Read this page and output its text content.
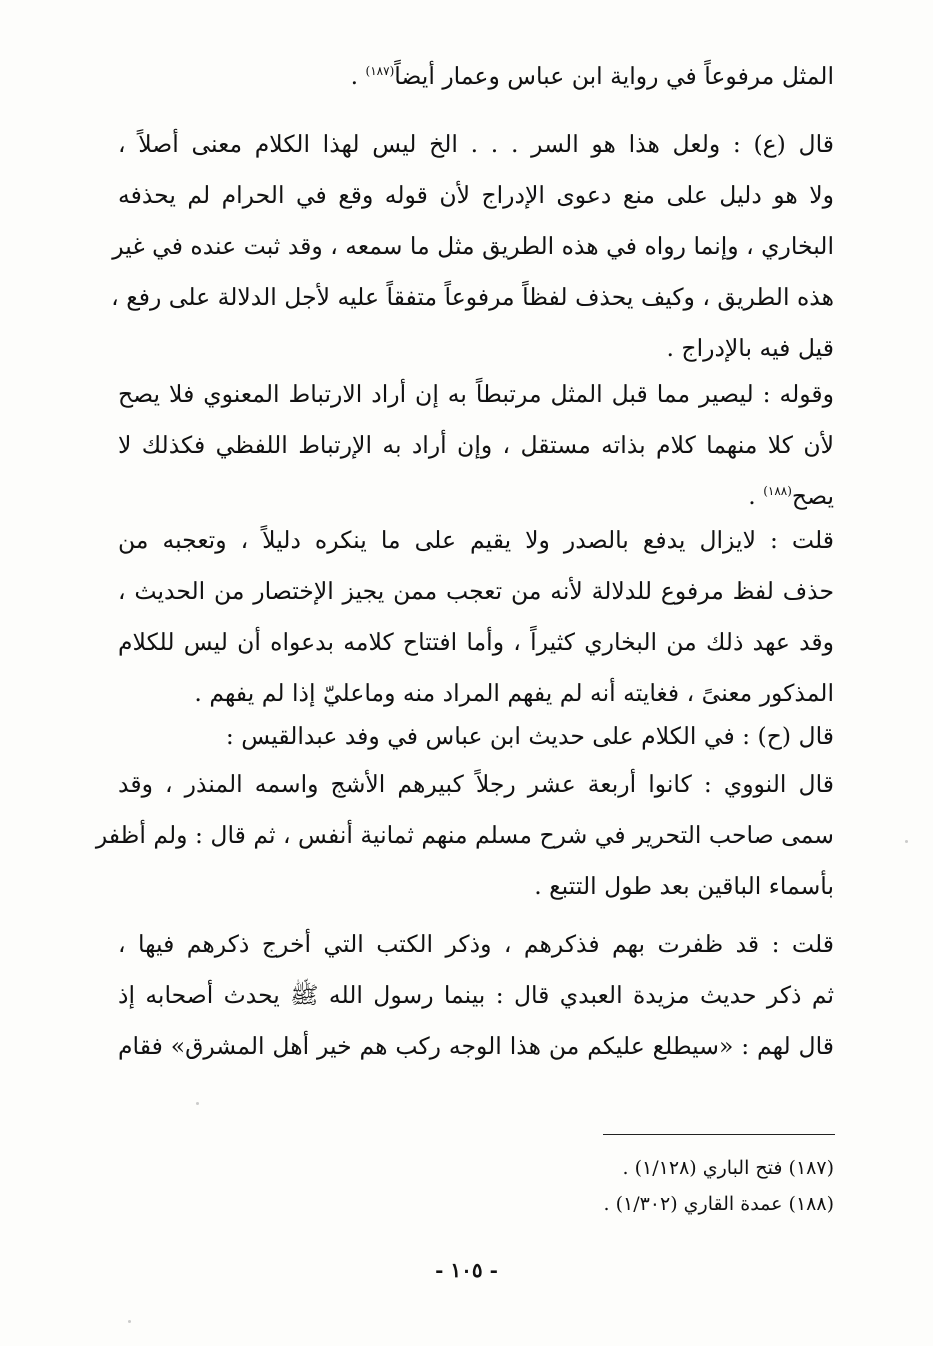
المثل مرفوعاً في رواية ابن عباس وعمار أيضاً$^{(١٨٧)}$ .
قال (ع) : ولعل هذا هو السر . . . الخ ليس لهذا الكلام معنى أصلاً ،
ولا هو دليل على منع دعوى الإدراج لأن قوله وقع في الحرام لم يحذفه
البخاري ، وإنما رواه في هذه الطريق مثل ما سمعه ، وقد ثبت عنده في غير
هذه الطريق ، وكيف يحذف لفظاً مرفوعاً متفقاً عليه لأجل الدلالة على رفع ،
قيل فيه بالإدراج .
وقوله : ليصير مما قبل المثل مرتبطاً به إن أراد الارتباط المعنوي فلا يصح
لأن كلا منهما كلام بذاته مستقل ، وإن أراد به الإرتباط اللفظي فكذلك لا
يصح$^{(١٨٨)}$ .
قلت : لايزال يدفع بالصدر ولا يقيم على ما ينكره دليلاً ، وتعجبه من
حذف لفظ مرفوع للدلالة لأنه من تعجب ممن يجيز الإختصار من الحديث ،
وقد عهد ذلك من البخاري كثيراً ، وأما افتتاح كلامه بدعواه أن ليس للكلام
المذكور معنىً ، فغايته أنه لم يفهم المراد منه وماعليّ إذا لم يفهم .
قال (ح) : في الكلام على حديث ابن عباس في وفد عبدالقيس :
قال النووي : كانوا أربعة عشر رجلاً كبيرهم الأشج واسمه المنذر ، وقد
سمى صاحب التحرير في شرح مسلم منهم ثمانية أنفس ، ثم قال : ولم أظفر
بأسماء الباقين بعد طول التتبع .
قلت : قد ظفرت بهم فذكرهم ، وذكر الكتب التي أخرج ذكرهم فيها ،
ثم ذكر حديث مزيدة العبدي قال : بينما رسول الله ﷺ يحدث أصحابه إذ
قال لهم : «سيطلع عليكم من هذا الوجه ركب هم خير أهل المشرق» فقام
(١٨٧) فتح الباري (١/١٢٨) .
(١٨٨) عمدة القاري (١/٣٠٢) .
- ١٠٥ -
